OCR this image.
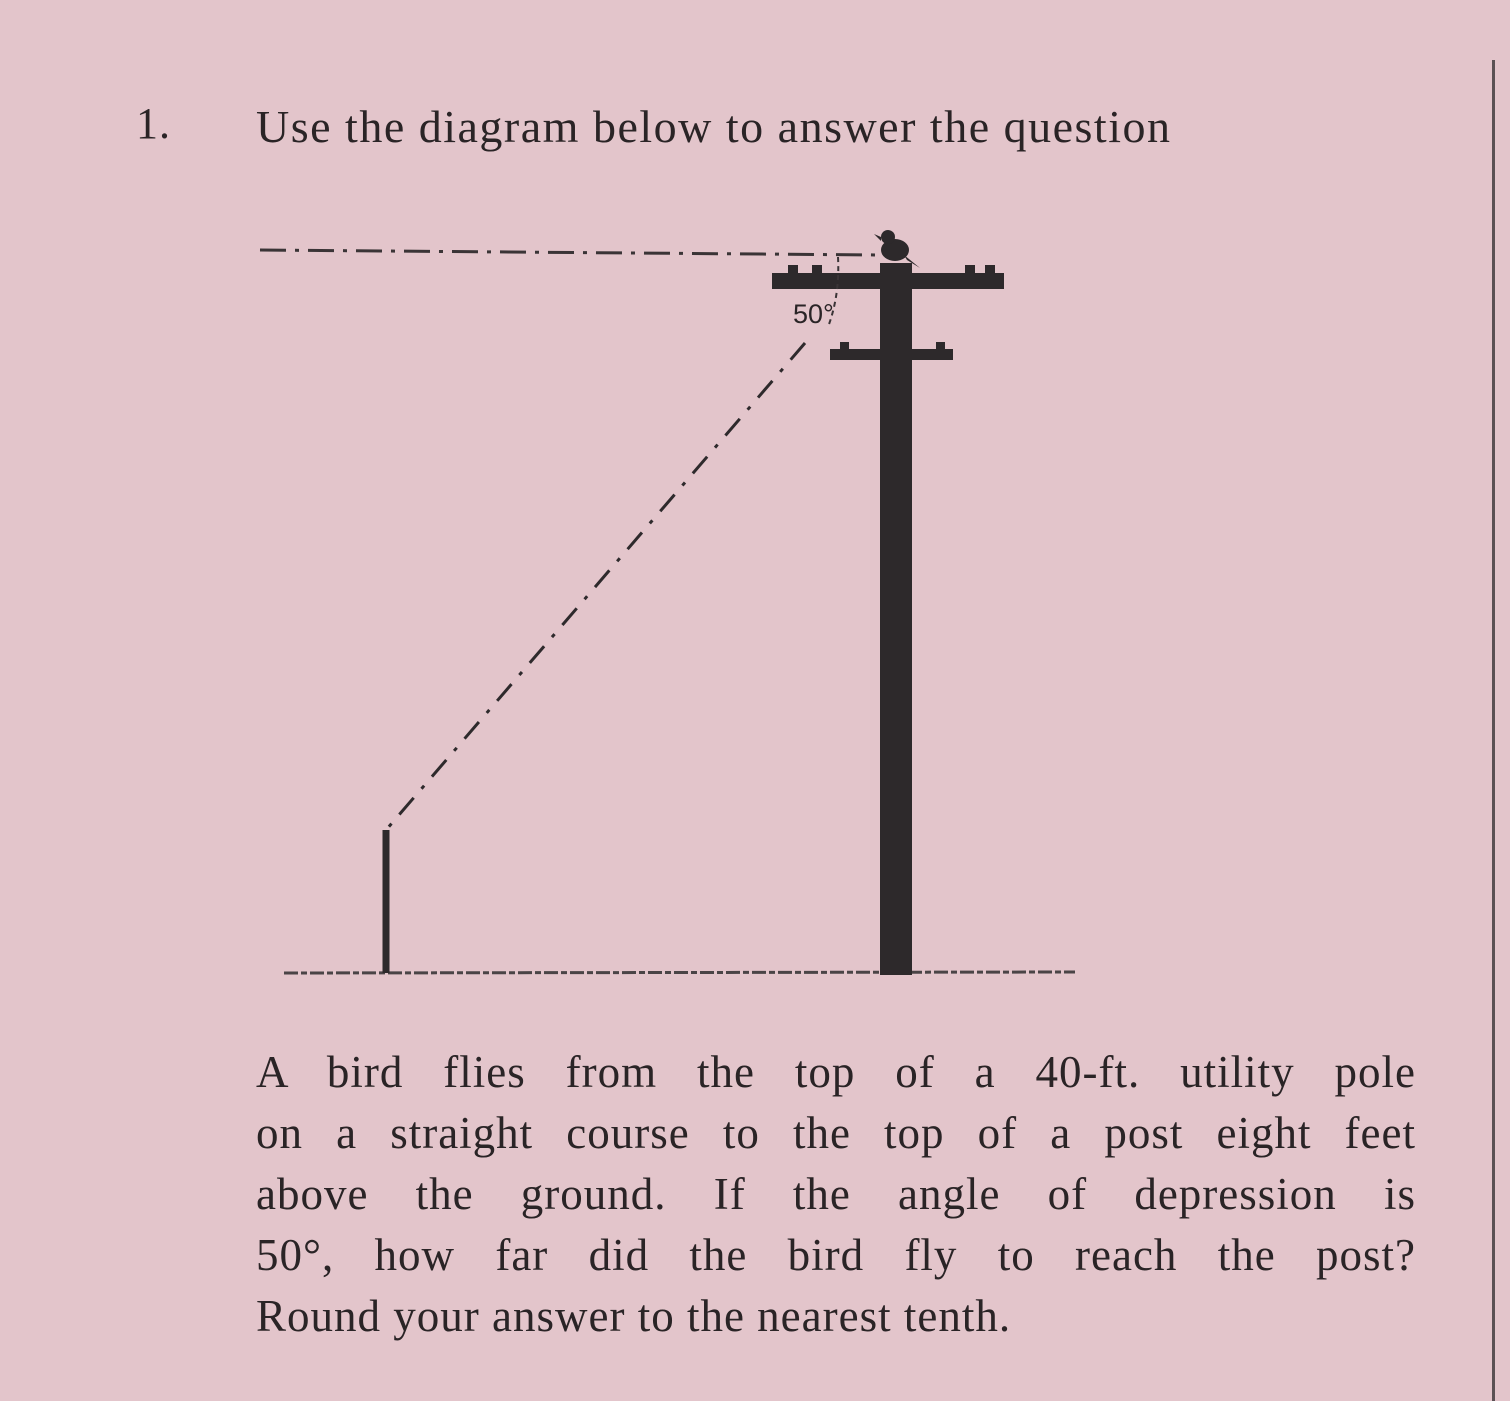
1. Use the diagram below to answer the question
50°
A bird flies from the top of a 40-ft. utility pole
on a straight course to the top of a post eight feet
above the ground. If the angle of depression is
50°, how far did the bird fly to reach the post?
Round your answer to the nearest tenth.
